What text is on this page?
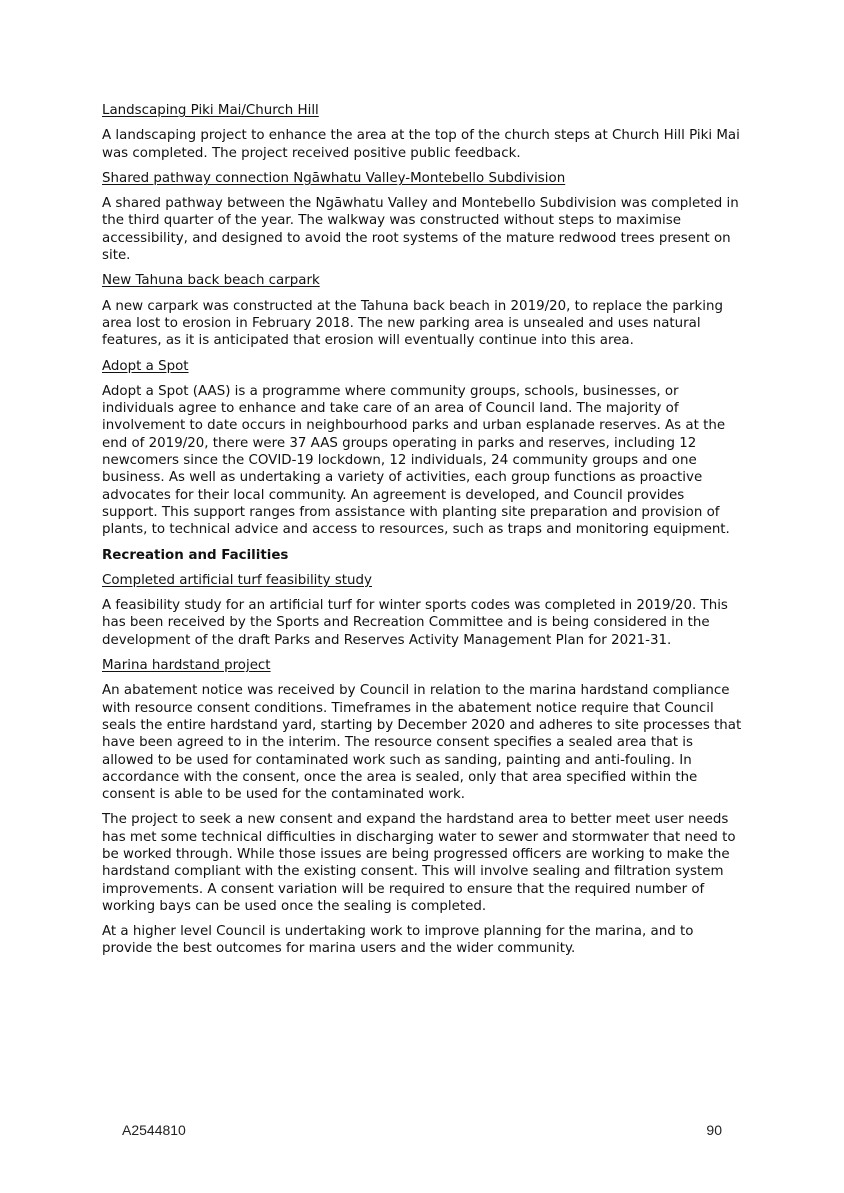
Landscaping Piki Mai/Church Hill

A landscaping project to enhance the area at the top of the church steps at Church Hill Piki Mai was completed. The project received positive public feedback.

Shared pathway connection Ngāwhatu Valley-Montebello Subdivision

A shared pathway between the Ngāwhatu Valley and Montebello Subdivision was completed in the third quarter of the year. The walkway was constructed without steps to maximise accessibility, and designed to avoid the root systems of the mature redwood trees present on site.

New Tahuna back beach carpark

A new carpark was constructed at the Tahuna back beach in 2019/20, to replace the parking area lost to erosion in February 2018. The new parking area is unsealed and uses natural features, as it is anticipated that erosion will eventually continue into this area.

Adopt a Spot

Adopt a Spot (AAS) is a programme where community groups, schools, businesses, or individuals agree to enhance and take care of an area of Council land. The majority of involvement to date occurs in neighbourhood parks and urban esplanade reserves. As at the end of 2019/20, there were 37 AAS groups operating in parks and reserves, including 12 newcomers since the COVID-19 lockdown, 12 individuals, 24 community groups and one business. As well as undertaking a variety of activities, each group functions as proactive advocates for their local community. An agreement is developed, and Council provides support. This support ranges from assistance with planting site preparation and provision of plants, to technical advice and access to resources, such as traps and monitoring equipment.

Recreation and Facilities

Completed artificial turf feasibility study

A feasibility study for an artificial turf for winter sports codes was completed in 2019/20. This has been received by the Sports and Recreation Committee and is being considered in the development of the draft Parks and Reserves Activity Management Plan for 2021-31.

Marina hardstand project

An abatement notice was received by Council in relation to the marina hardstand compliance with resource consent conditions. Timeframes in the abatement notice require that Council seals the entire hardstand yard, starting by December 2020 and adheres to site processes that have been agreed to in the interim. The resource consent specifies a sealed area that is allowed to be used for contaminated work such as sanding, painting and anti-fouling. In accordance with the consent, once the area is sealed, only that area specified within the consent is able to be used for the contaminated work.

The project to seek a new consent and expand the hardstand area to better meet user needs has met some technical difficulties in discharging water to sewer and stormwater that need to be worked through. While those issues are being progressed officers are working to make the hardstand compliant with the existing consent. This will involve sealing and filtration system improvements. A consent variation will be required to ensure that the required number of working bays can be used once the sealing is completed.

At a higher level Council is undertaking work to improve planning for the marina, and to provide the best outcomes for marina users and the wider community.

A2544810	90
